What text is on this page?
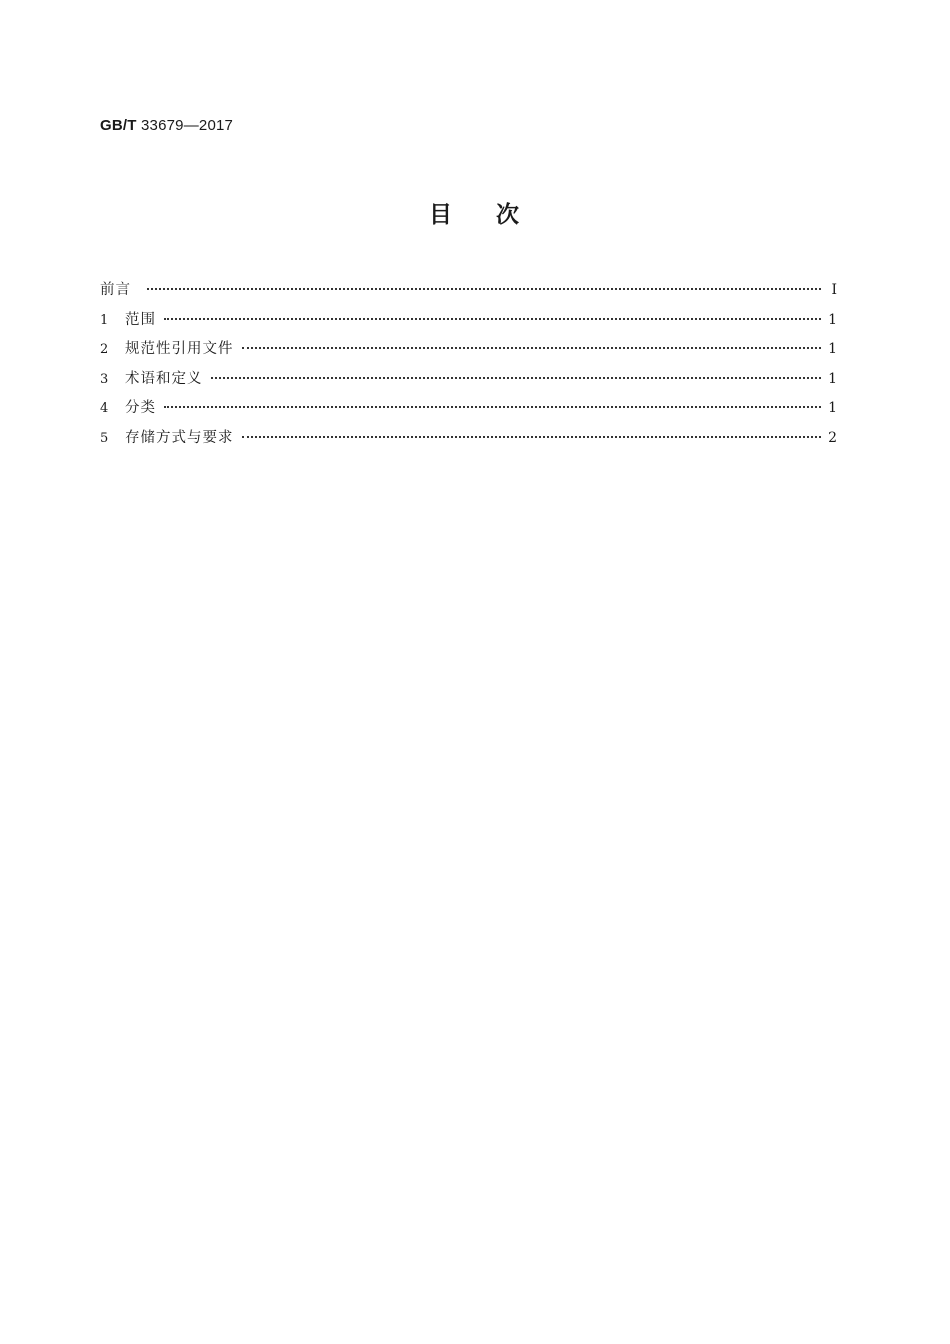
GB/T 33679—2017
目 次
前言	Ⅰ
1	范围	1
2	规范性引用文件	1
3	术语和定义	1
4	分类	1
5	存储方式与要求	2
